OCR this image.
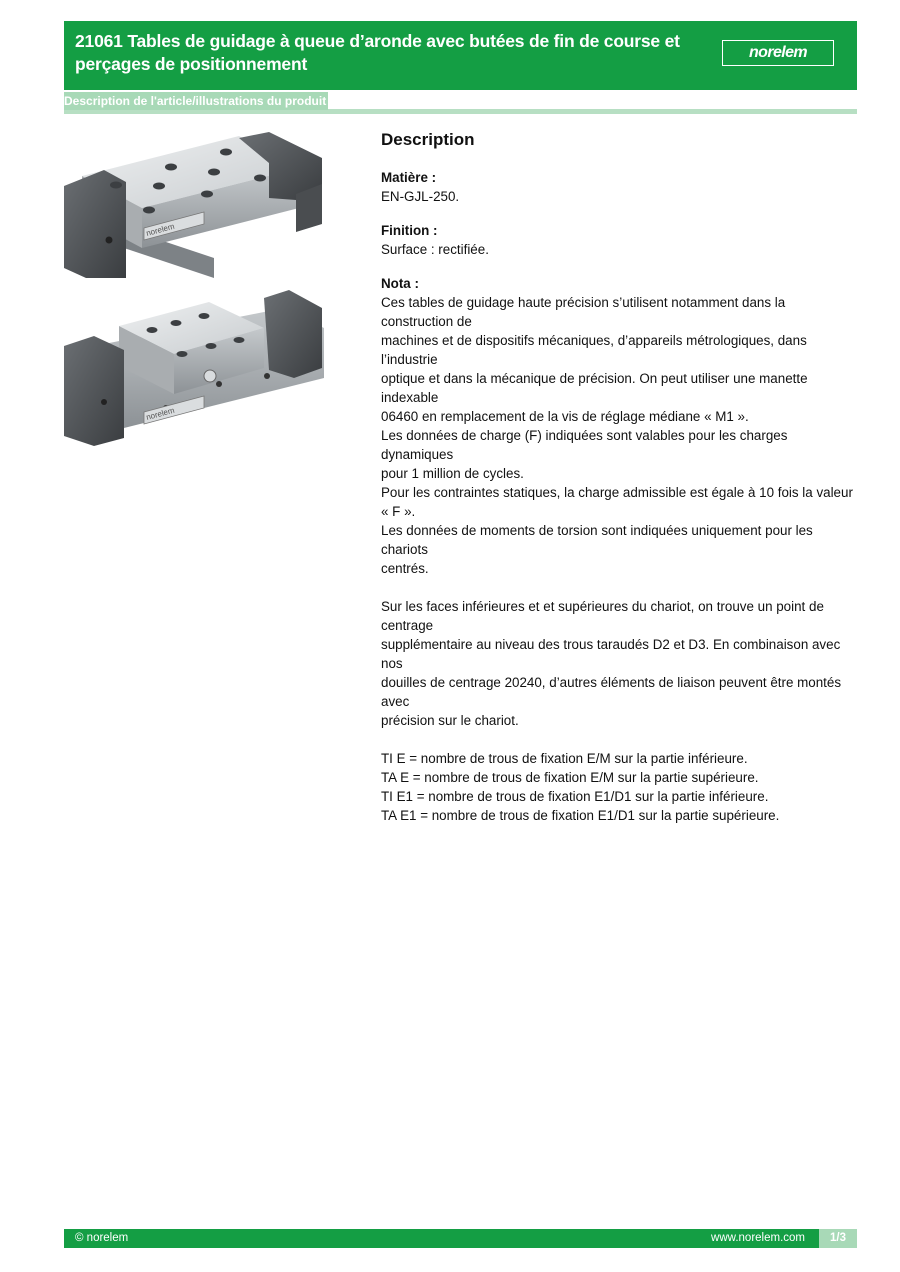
21061 Tables de guidage à queue d’aronde avec butées de fin de course et
perçages de positionnement
norelem
Description de l'article/illustrations du produit
norelem
norelem
Description
Matière :
EN-GJL-250.
Finition :
Surface : rectifiée.
Nota :
Ces tables de guidage haute précision s’utilisent notamment dans la construction de
machines et de dispositifs mécaniques, d’appareils métrologiques, dans l’industrie
optique et dans la mécanique de précision. On peut utiliser une manette indexable
06460 en remplacement de la vis de réglage médiane « M1 ».
Les données de charge (F) indiquées sont valables pour les charges dynamiques
pour 1 million de cycles.
Pour les contraintes statiques, la charge admissible est égale à 10 fois la valeur
« F ».
Les données de moments de torsion sont indiquées uniquement pour les chariots
centrés.
Sur les faces inférieures et et supérieures du chariot, on trouve un point de centrage
supplémentaire au niveau des trous taraudés D2 et D3. En combinaison avec nos
douilles de centrage 20240, d’autres éléments de liaison peuvent être montés avec
précision sur le chariot.
TI E = nombre de trous de fixation E/M sur la partie inférieure.
TA E = nombre de trous de fixation E/M sur la partie supérieure.
TI E1 = nombre de trous de fixation E1/D1 sur la partie inférieure.
TA E1 = nombre de trous de fixation E1/D1 sur la partie supérieure.
© norelem	www.norelem.com	1/3
